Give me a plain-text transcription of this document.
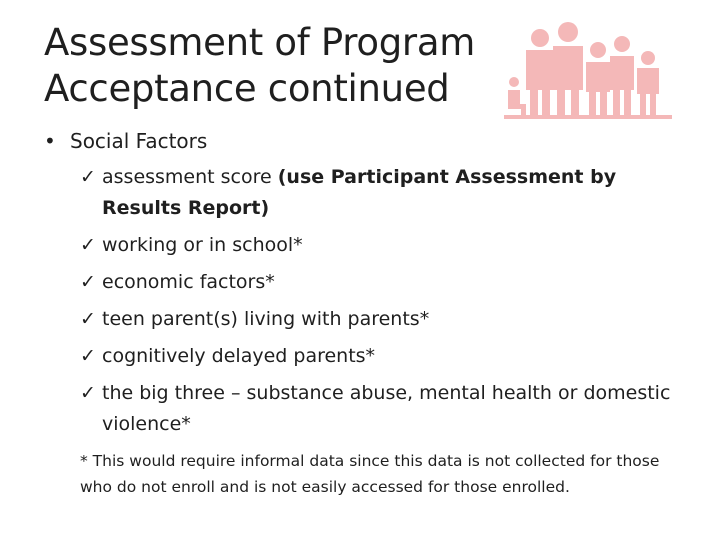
Assessment of Program
Acceptance continued
• Social Factors
✓ assessment score (use Participant Assessment by Results Report)
✓ working or in school*
✓ economic factors*
✓ teen parent(s) living with parents*
✓ cognitively delayed parents*
✓ the big three – substance abuse, mental health or domestic violence*
* This would require informal data since this data is not collected for those who do not enroll and is not easily accessed for those enrolled.
